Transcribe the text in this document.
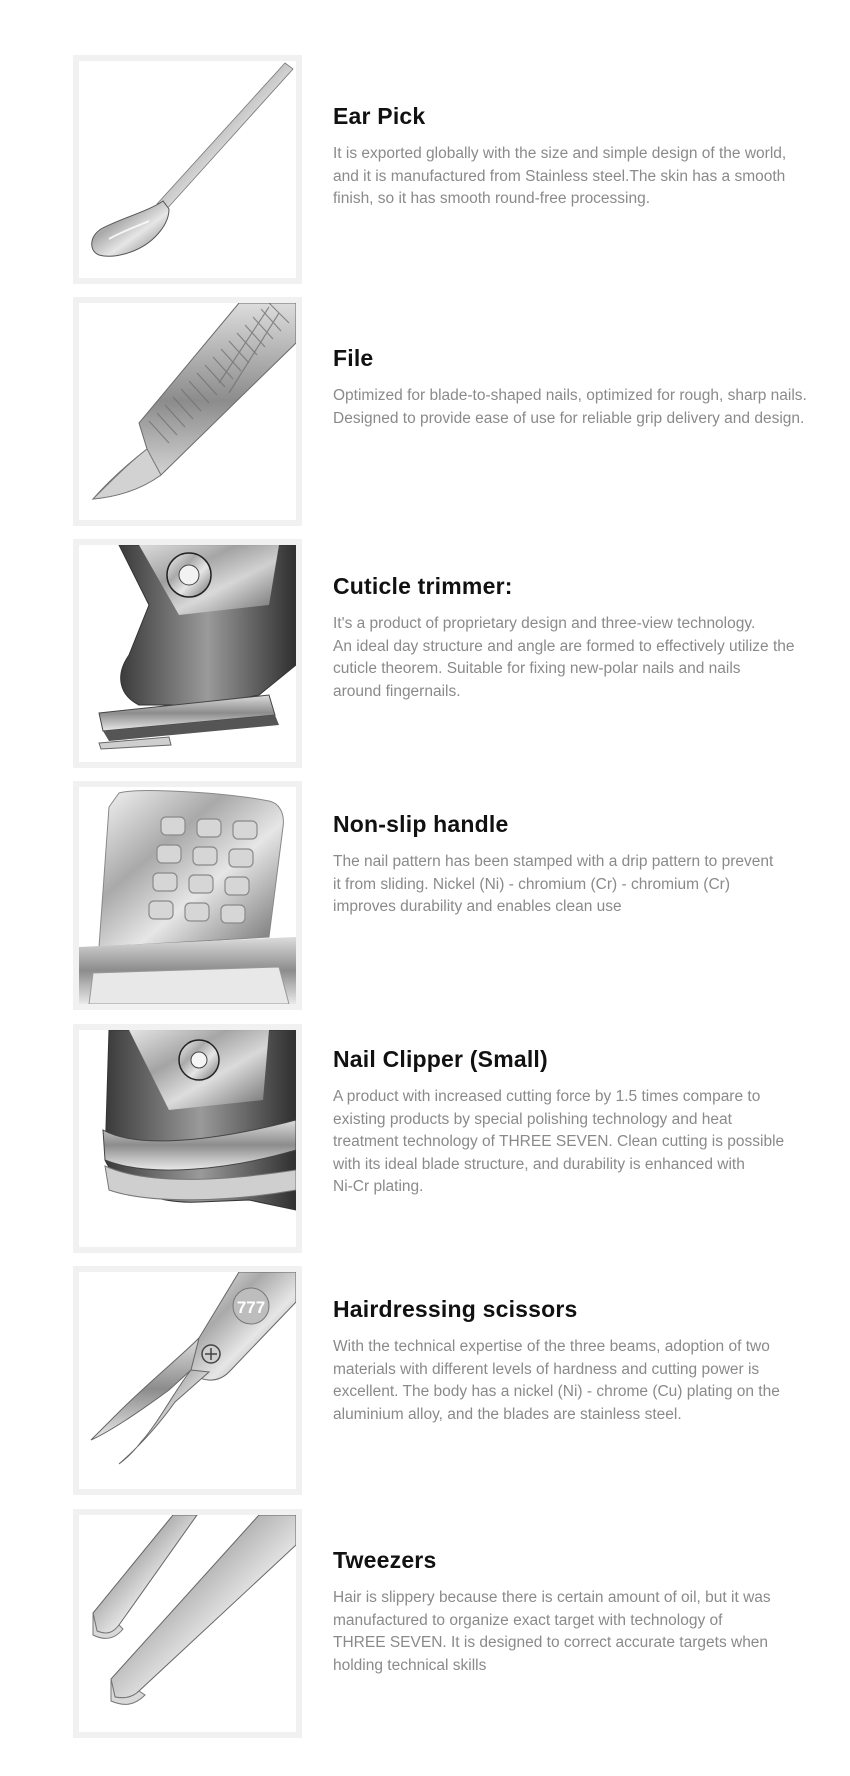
Ear Pick

It is exported globally with the size and simple design of the world,
and it is manufactured from Stainless steel.The skin has a smooth
finish, so it has smooth round-free processing.

File

Optimized for blade-to-shaped nails, optimized for rough, sharp nails.
Designed to provide ease of use for reliable grip delivery and design.

Cuticle trimmer:

It's a product of proprietary design and three-view technology.
An ideal day structure and angle are formed to effectively utilize the
cuticle theorem. Suitable for fixing new-polar nails and nails
around fingernails.

Non-slip handle

The nail pattern has been stamped with a drip pattern to prevent
it from sliding. Nickel (Ni) - chromium (Cr) - chromium (Cr)
improves durability and enables clean use

Nail Clipper (Small)

A product with increased cutting force by 1.5 times compare to
existing products by special polishing technology and heat
treatment technology of THREE SEVEN. Clean cutting is possible
with its ideal blade structure, and durability is enhanced with
Ni-Cr plating.

777	Hairdressing scissors

With the technical expertise of the three beams, adoption of two
materials with different levels of hardness and cutting power is
excellent. The body has a nickel (Ni) - chrome (Cu) plating on the
aluminium alloy, and the blades are stainless steel.

Tweezers

Hair is slippery because there is certain amount of oil, but it was
manufactured to organize exact target with technology of
THREE SEVEN. It is designed to correct accurate targets when
holding technical skills
